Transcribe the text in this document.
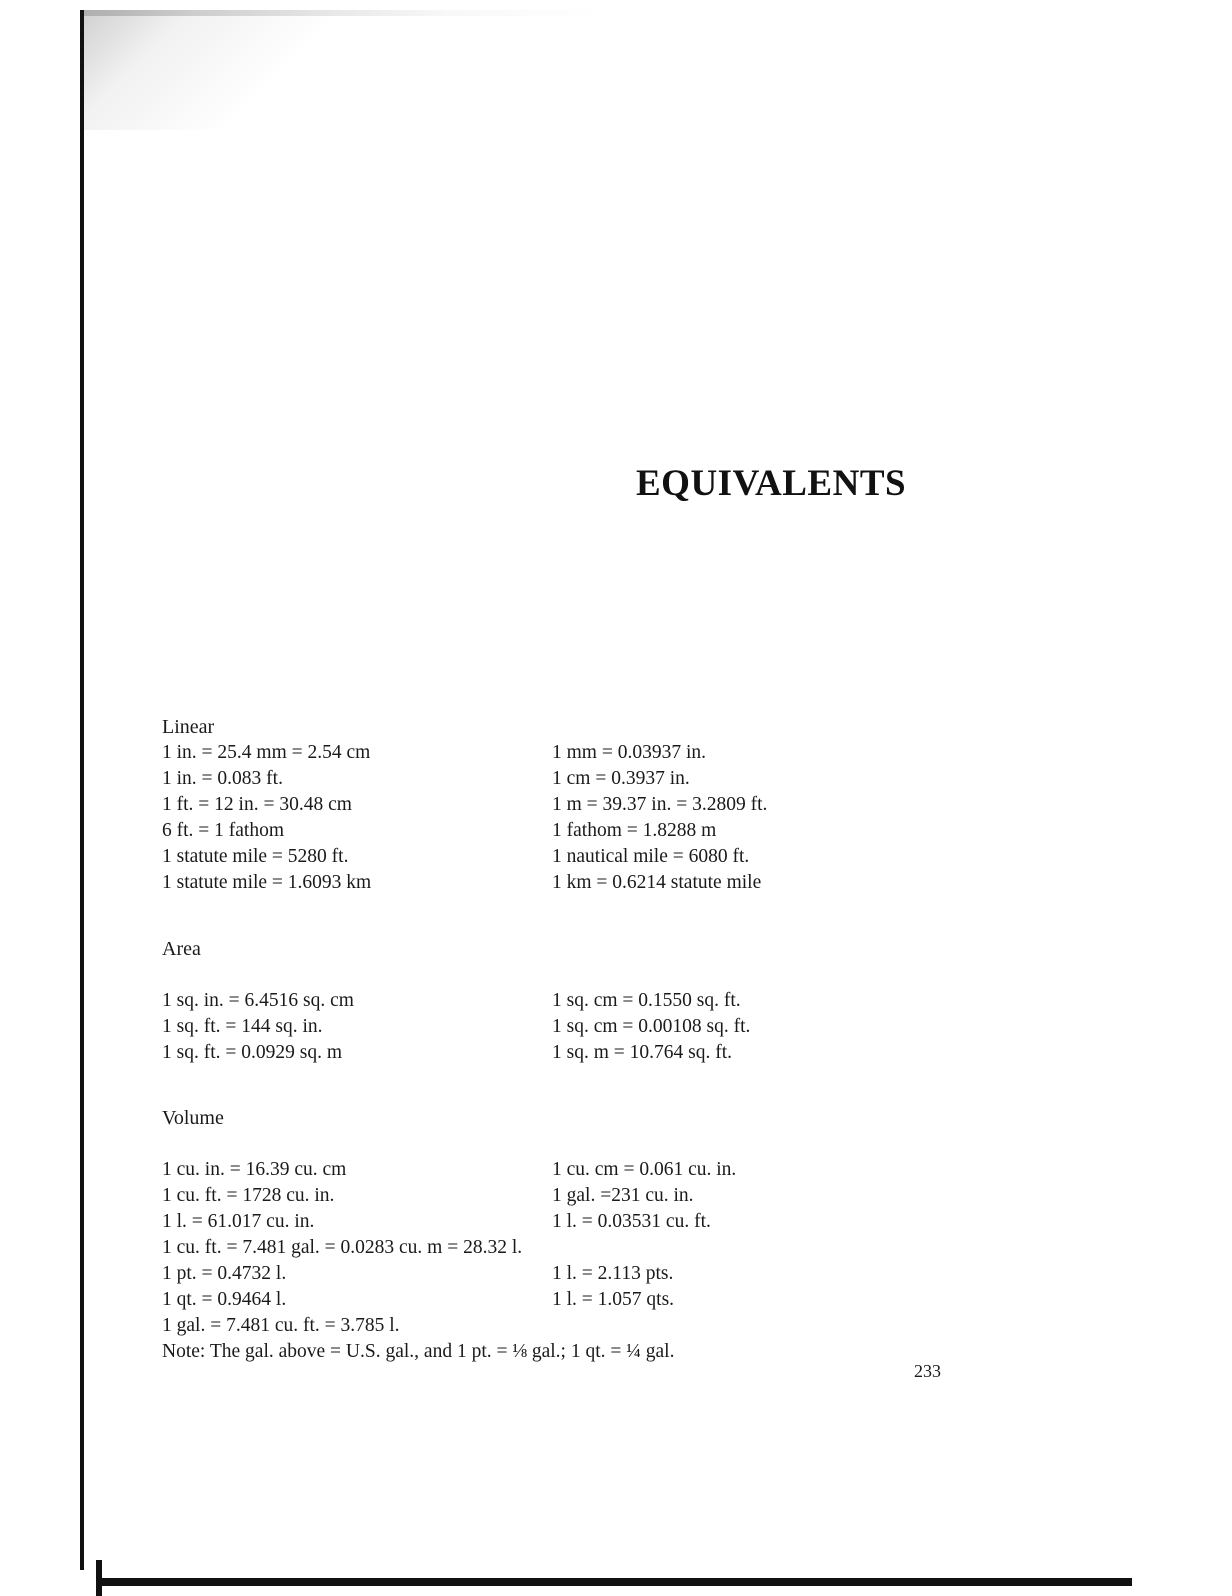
EQUIVALENTS
Linear
1 in. = 25.4 mm = 2.54 cm	1 mm = 0.03937 in.
1 in. = 0.083 ft.	1 cm = 0.3937 in.
1 ft. = 12 in. = 30.48 cm	1 m = 39.37 in. = 3.2809 ft.
6 ft. = 1 fathom	1 fathom = 1.8288 m
1 statute mile = 5280 ft.	1 nautical mile = 6080 ft.
1 statute mile = 1.6093 km	1 km = 0.6214 statute mile
Area
1 sq. in. = 6.4516 sq. cm	1 sq. cm = 0.1550 sq. ft.
1 sq. ft. = 144 sq. in.	1 sq. cm = 0.00108 sq. ft.
1 sq. ft. = 0.0929 sq. m	1 sq. m = 10.764 sq. ft.
Volume
1 cu. in. = 16.39 cu. cm	1 cu. cm = 0.061 cu. in.
1 cu. ft. = 1728 cu. in.	1 gal. =231 cu. in.
1 l. = 61.017 cu. in.	1 l. = 0.03531 cu. ft.
1 cu. ft. = 7.481 gal. = 0.0283 cu. m = 28.32 l.
1 pt. = 0.4732 l.	1 l. = 2.113 pts.
1 qt. = 0.9464 l.	1 l. = 1.057 qts.
1 gal. = 7.481 cu. ft. = 3.785 l.
Note: The gal. above = U.S. gal., and 1 pt. = ⅛ gal.; 1 qt. = ¼ gal.
233
